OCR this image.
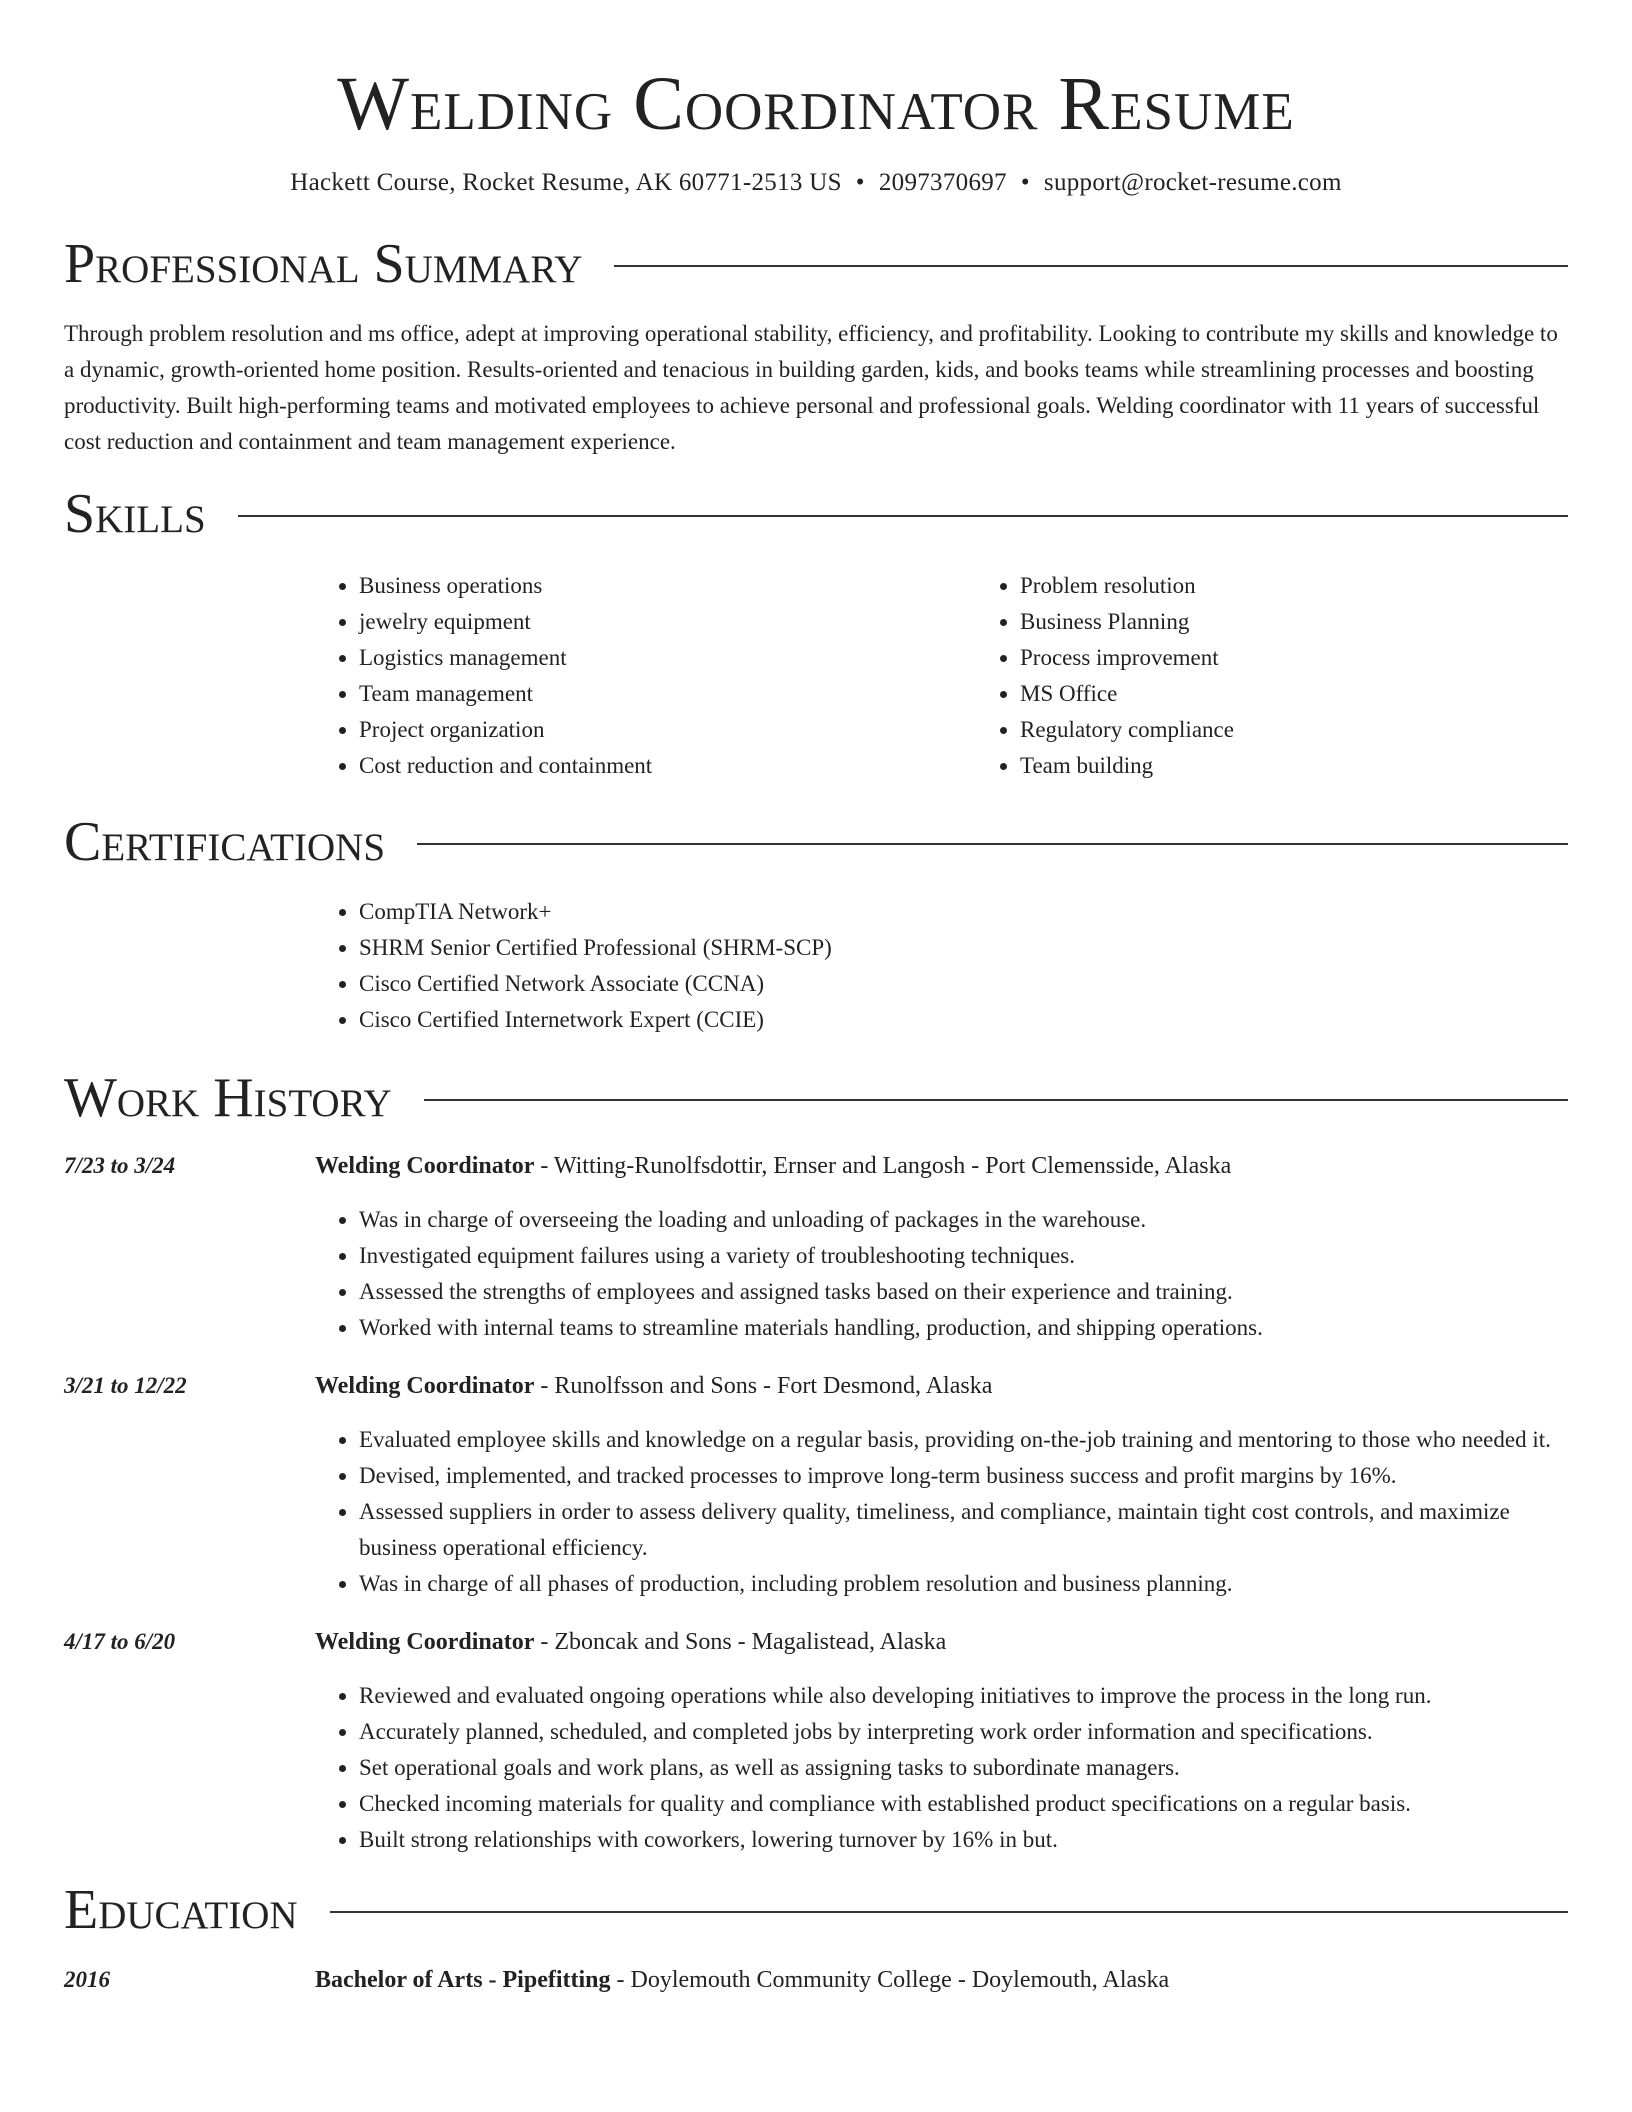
Welding Coordinator Resume
Hackett Course, Rocket Resume, AK 60771-2513 US • 2097370697 • support@rocket-resume.com
Professional Summary

Through problem resolution and ms office, adept at improving operational stability, efficiency, and profitability. Looking to contribute my skills and knowledge to a dynamic, growth-oriented home position. Results-oriented and tenacious in building garden, kids, and books teams while streamlining processes and boosting productivity. Built high-performing teams and motivated employees to achieve personal and professional goals. Welding coordinator with 11 years of successful cost reduction and containment and team management experience.

Skills
• Business operations
• jewelry equipment
• Logistics management
• Team management
• Project organization
• Cost reduction and containment
• Problem resolution
• Business Planning
• Process improvement
• MS Office
• Regulatory compliance
• Team building
Certifications
• CompTIA Network+
• SHRM Senior Certified Professional (SHRM-SCP)
• Cisco Certified Network Associate (CCNA)
• Cisco Certified Internetwork Expert (CCIE)
Work History
7/23 to 3/24	Welding Coordinator - Witting-Runolfsdottir, Ernser and Langosh - Port Clemensside, Alaska

• Was in charge of overseeing the loading and unloading of packages in the warehouse.
• Investigated equipment failures using a variety of troubleshooting techniques.
• Assessed the strengths of employees and assigned tasks based on their experience and training.
• Worked with internal teams to streamline materials handling, production, and shipping operations.
3/21 to 12/22	Welding Coordinator - Runolfsson and Sons - Fort Desmond, Alaska

• Evaluated employee skills and knowledge on a regular basis, providing on-the-job training and mentoring to those who needed it.
• Devised, implemented, and tracked processes to improve long-term business success and profit margins by 16%.
• Assessed suppliers in order to assess delivery quality, timeliness, and compliance, maintain tight cost controls, and maximize business operational efficiency.
• Was in charge of all phases of production, including problem resolution and business planning.
4/17 to 6/20	Welding Coordinator - Zboncak and Sons - Magalistead, Alaska

• Reviewed and evaluated ongoing operations while also developing initiatives to improve the process in the long run.
• Accurately planned, scheduled, and completed jobs by interpreting work order information and specifications.
• Set operational goals and work plans, as well as assigning tasks to subordinate managers.
• Checked incoming materials for quality and compliance with established product specifications on a regular basis.
• Built strong relationships with coworkers, lowering turnover by 16% in but.
Education
2016	Bachelor of Arts - Pipefitting - Doylemouth Community College - Doylemouth, Alaska
